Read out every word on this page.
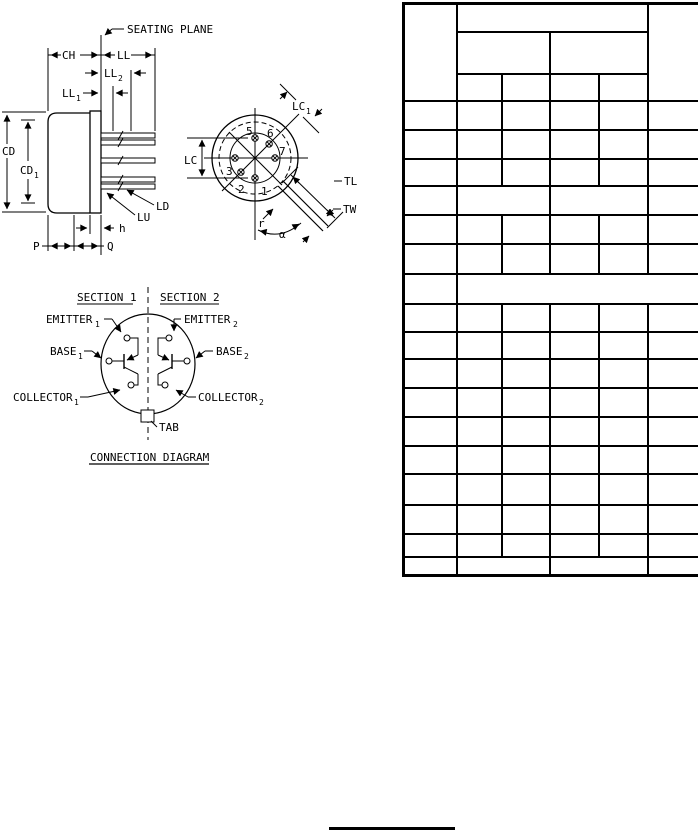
SEATING PLANE
CH	LL
LL 2
LL 1
CD
CD 1
LU
LD
h
P	Q
LC
LC 1
TL
TW
r
α
5 6
7
3
2 1
SECTION 1 SECTION 2
EMITTER 1	EMITTER 2
BASE 1	BASE 2
COLLECTOR 1	COLLECTOR 2
TAB
CONNECTION DIAGRAM
